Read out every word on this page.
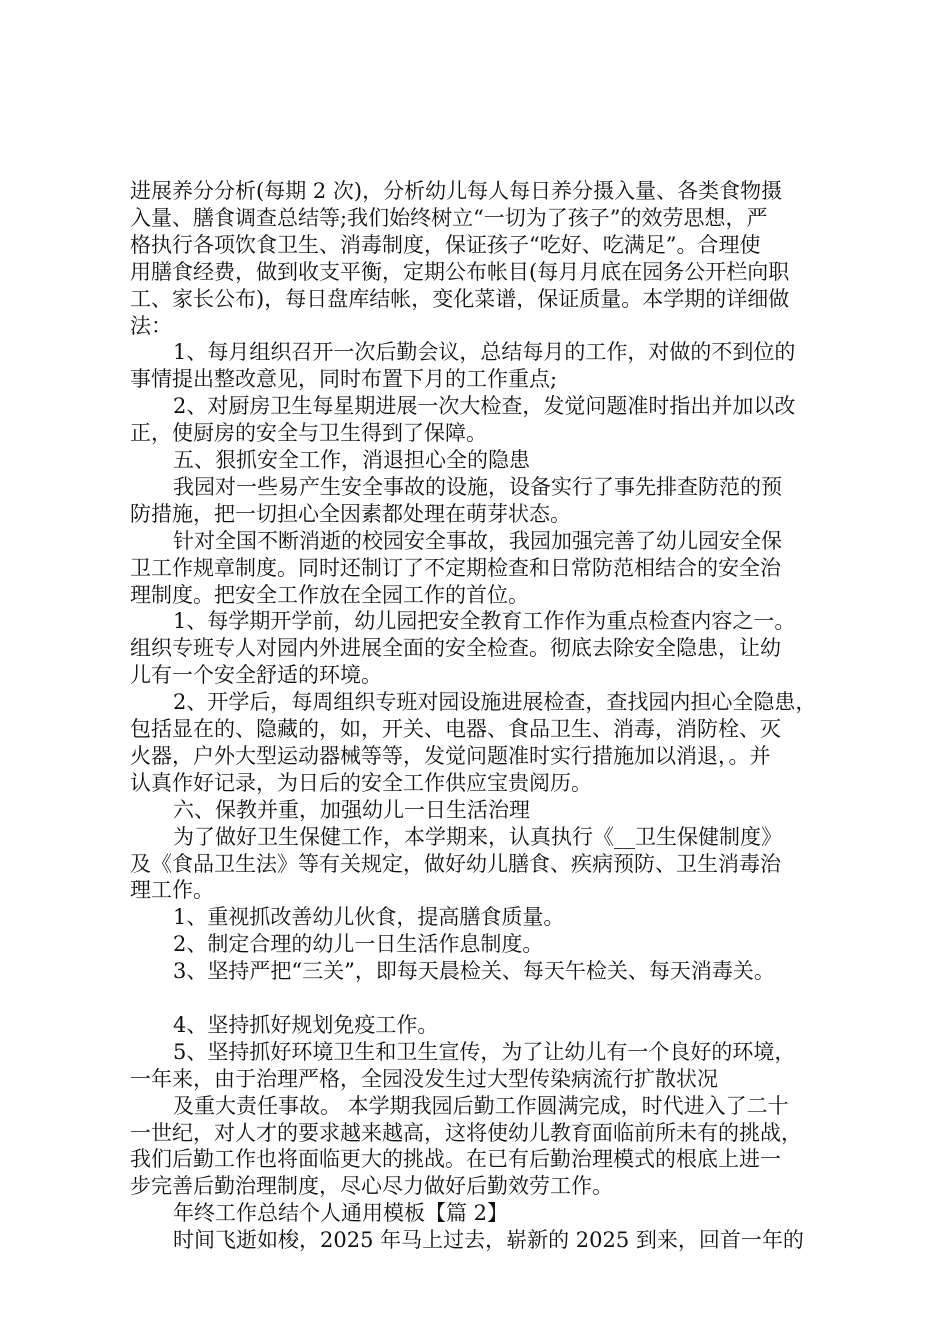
进展养分分析(每期 2 次)，分析幼儿每人每日养分摄入量、各类食物摄
入量、膳食调查总结等;我们始终树立“一切为了孩子”的效劳思想，严
格执行各项饮食卫生、消毒制度，保证孩子“吃好、吃满足”。合理使
用膳食经费，做到收支平衡，定期公布帐目(每月月底在园务公开栏向职
工、家长公布)，每日盘库结帐，变化菜谱，保证质量。本学期的详细做
法：
1、每月组织召开一次后勤会议，总结每月的工作，对做的不到位的
事情提出整改意见，同时布置下月的工作重点;
2、对厨房卫生每星期进展一次大检查，发觉问题准时指出并加以改
正，使厨房的安全与卫生得到了保障。
五、狠抓安全工作，消退担心全的隐患
我园对一些易产生安全事故的设施，设备实行了事先排查防范的预
防措施，把一切担心全因素都处理在萌芽状态。
针对全国不断消逝的校园安全事故，我园加强完善了幼儿园安全保
卫工作规章制度。同时还制订了不定期检查和日常防范相结合的安全治
理制度。把安全工作放在全园工作的首位。
1、每学期开学前，幼儿园把安全教育工作作为重点检查内容之一。
组织专班专人对园内外进展全面的安全检查。彻底去除安全隐患，让幼
儿有一个安全舒适的环境。
2、开学后，每周组织专班对园设施进展检查，查找园内担心全隐患，
包括显在的、隐藏的，如，开关、电器、食品卫生、消毒，消防栓、灭
火器，户外大型运动器械等等，发觉问题准时实行措施加以消退，。并
认真作好记录，为日后的安全工作供应宝贵阅历。
六、保教并重，加强幼儿一日生活治理
为了做好卫生保健工作，本学期来，认真执行《__卫生保健制度》
及《食品卫生法》等有关规定，做好幼儿膳食、疾病预防、卫生消毒治
理工作。
1、重视抓改善幼儿伙食，提高膳食质量。
2、制定合理的幼儿一日生活作息制度。
3、坚持严把“三关”，即每天晨检关、每天午检关、每天消毒关。
4、坚持抓好规划免疫工作。
5、坚持抓好环境卫生和卫生宣传，为了让幼儿有一个良好的环境，
一年来，由于治理严格，全园没发生过大型传染病流行扩散状况
及重大责任事故。 本学期我园后勤工作圆满完成，时代进入了二十
一世纪，对人才的要求越来越高，这将使幼儿教育面临前所未有的挑战，
我们后勤工作也将面临更大的挑战。在已有后勤治理模式的根底上进一
步完善后勤治理制度，尽心尽力做好后勤效劳工作。
年终工作总结个人通用模板【篇 2】
时间飞逝如梭，2025 年马上过去，崭新的 2025 到来，回首一年的
